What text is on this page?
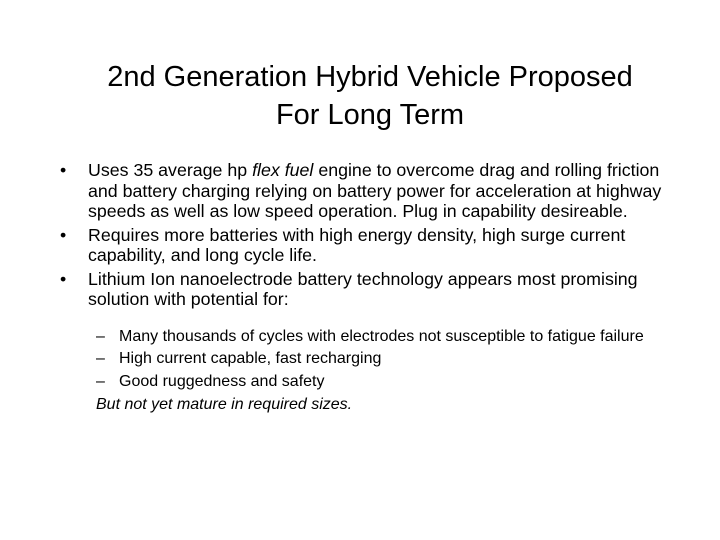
2nd Generation Hybrid Vehicle Proposed
For Long Term
• Uses 35 average hp flex fuel engine to overcome drag and rolling friction and battery charging relying on battery power for acceleration at highway speeds as well as low speed operation. Plug in capability desireable.
• Requires more batteries with high energy density, high surge current capability, and long cycle life.
• Lithium Ion nanoelectrode battery technology appears most promising solution with potential for:
– Many thousands of cycles with electrodes not susceptible to fatigue failure
– High current capable, fast recharging
– Good ruggedness and safety
But not yet mature in required sizes.
